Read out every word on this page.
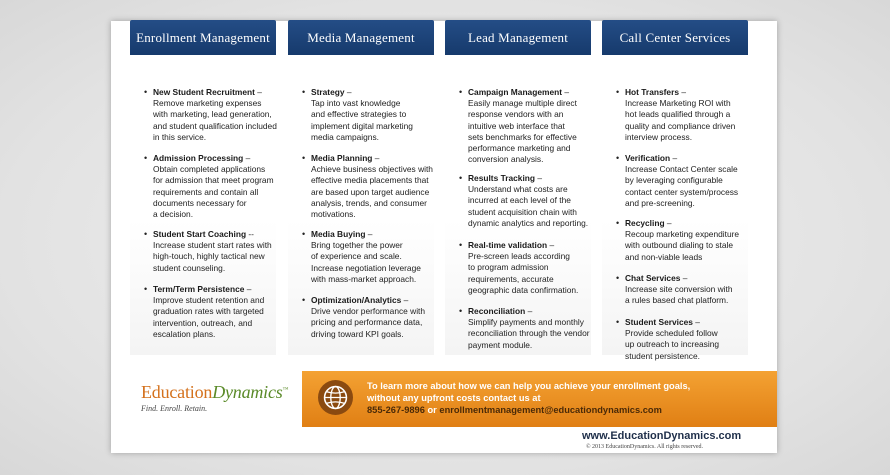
Enrollment Management
• New Student Recruitment –
Remove marketing expenses
with marketing, lead generation,
and student qualification included
in this service.
• Admission Processing –
Obtain completed applications
for admission that meet program
requirements and contain all
documents necessary for
a decision.
• Student Start Coaching --
Increase student start rates with
high-touch, highly tactical new
student counseling.
• Term/Term Persistence –
Improve student retention and
graduation rates with targeted
intervention, outreach, and
escalation plans.
Media Management
• Strategy –
Tap into vast knowledge
and effective strategies to
implement digital marketing
media campaigns.
• Media Planning –
Achieve business objectives with
effective media placements that
are based upon target audience
analysis, trends, and consumer
motivations.
• Media Buying –
Bring together the power
of experience and scale.
Increase negotiation leverage
with mass-market approach.
• Optimization/Analytics –
Drive vendor performance with
pricing and performance data,
driving toward KPI goals.
Lead Management
• Campaign Management –
Easily manage multiple direct
response vendors with an
intuitive web interface that
sets benchmarks for effective
performance marketing and
conversion analysis.
• Results Tracking –
Understand what costs are
incurred at each level of the
student acquisition chain with
dynamic analytics and reporting.
• Real-time validation –
Pre-screen leads according
to program admission
requirements, accurate
geographic data confirmation.
• Reconciliation –
Simplify payments and monthly
reconciliation through the vendor
payment module.
Call Center Services
• Hot Transfers –
Increase Marketing ROI with
hot leads qualified through a
quality and compliance driven
interview process.
• Verification –
Increase Contact Center scale
by leveraging configurable
contact center system/process
and pre-screening.
• Recycling –
Recoup marketing expenditure
with outbound dialing to stale
and non-viable leads
• Chat Services –
Increase site conversion with
a rules based chat platform.
• Student Services –
Provide scheduled follow
up outreach to increasing
student persistence.
EducationDynamics™
Find. Enroll. Retain.
To learn more about how we can help you achieve your enrollment goals,
without any upfront costs contact us at
855-267-9896 or enrollmentmanagement@educationdynamics.com
www.EducationDynamics.com
© 2013 EducationDynamics. All rights reserved.
